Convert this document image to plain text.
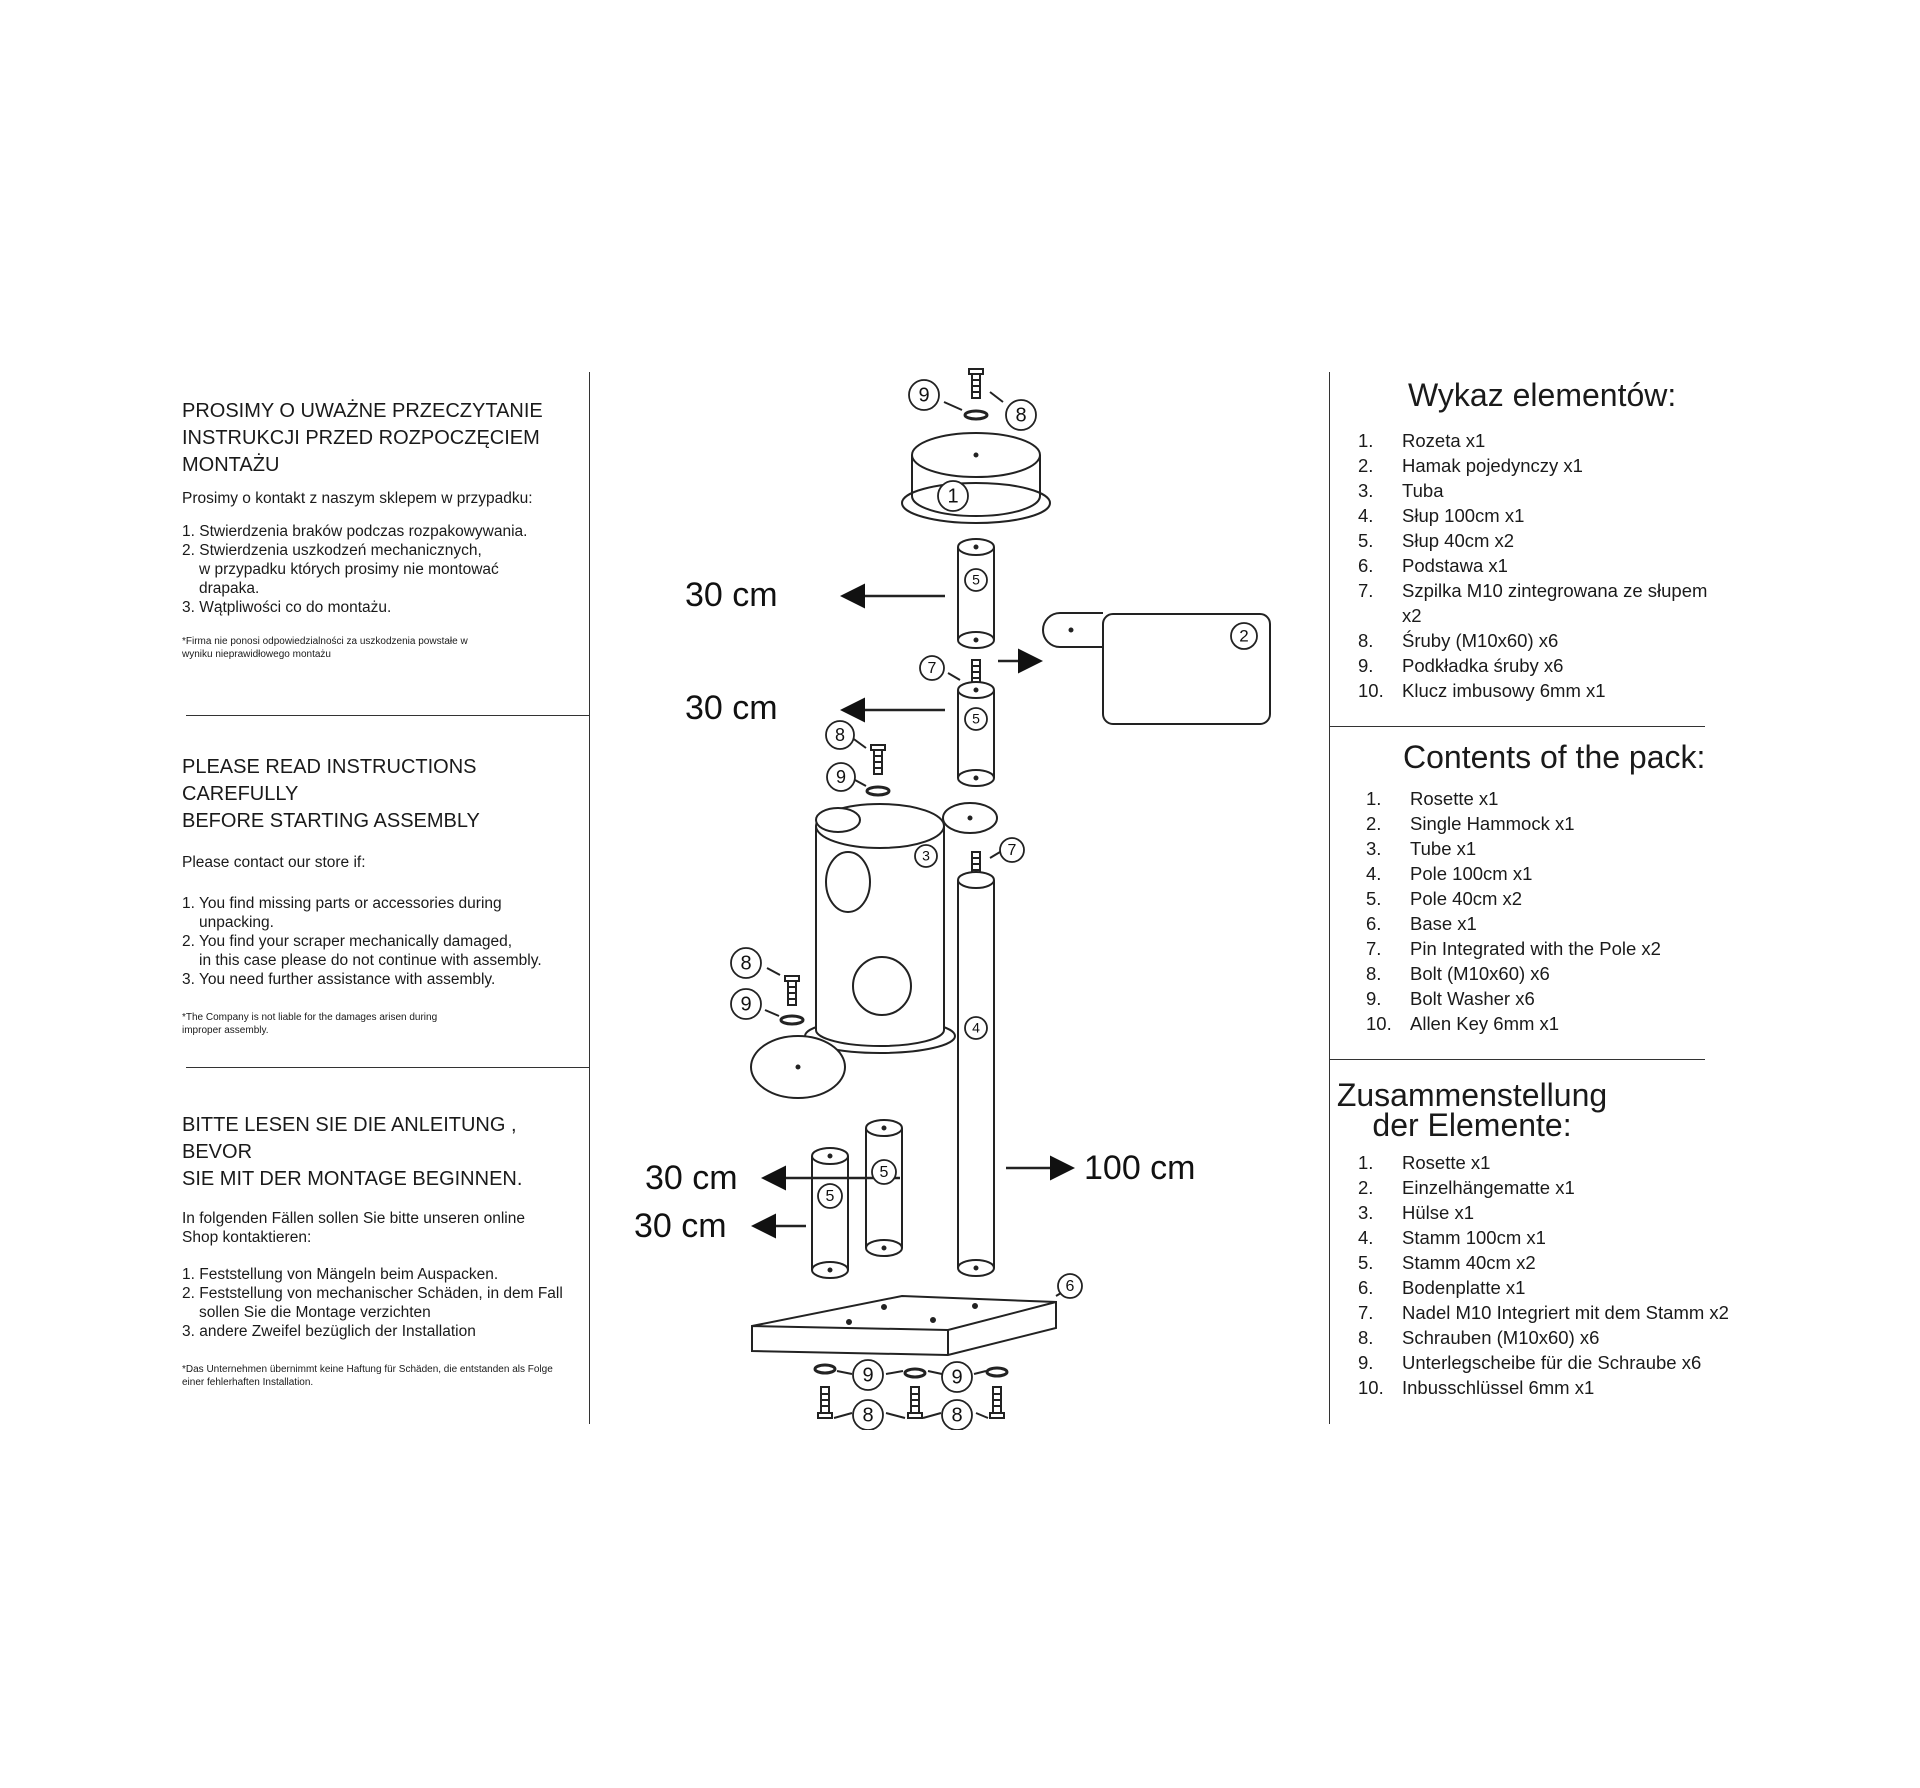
PROSIMY O UWAŻNE PRZECZYTANIE
INSTRUKCJI PRZED ROZPOCZĘCIEM
MONTAŻU
Prosimy o kontakt z naszym sklepem w przypadku:
1. Stwierdzenia braków podczas rozpakowywania.
2. Stwierdzenia uszkodzeń mechanicznych,
w przypadku których prosimy nie montować
drapaka.
3. Wątpliwości co do montażu.
*Firma nie ponosi odpowiedzialności za uszkodzenia powstałe w wyniku nieprawidłowego montażu
PLEASE READ INSTRUCTIONS CAREFULLY
BEFORE STARTING ASSEMBLY
Please contact our store if:
1. You find missing parts or accessories during
unpacking.
2. You find your scraper mechanically damaged,
in this case please do not continue with assembly.
3. You need further assistance with assembly.
*The Company is not liable for the damages arisen during improper assembly.
BITTE LESEN SIE DIE ANLEITUNG , BEVOR
SIE MIT DER MONTAGE BEGINNEN.
In folgenden Fällen sollen Sie bitte unseren online Shop kontaktieren:
1. Feststellung von Mängeln beim Auspacken.
2. Feststellung von mechanischer Schäden, in dem Fall
sollen Sie die Montage verzichten
3. andere Zweifel bezüglich der Installation
*Das Unternehmen übernimmt keine Haftung für Schäden, die entstanden als Folge einer fehlerhaften Installation.
Wykaz elementów:
1.	Rozeta x1
2.	Hamak pojedynczy x1
3.	Tuba
4.	Słup 100cm x1
5.	Słup 40cm x2
6.	Podstawa x1
7.	Szpilka M10 zintegrowana ze słupem x2
8.	Śruby (M10x60) x6
9.	Podkładka śruby x6
10. Klucz imbusowy 6mm x1
Contents of the pack:
1.	Rosette x1
2.	Single Hammock x1
3.	Tube x1
4.	Pole 100cm x1
5.	Pole 40cm x2
6.	Base x1
7.	Pin Integrated with the Pole x2
8.	Bolt (M10x60) x6
9.	Bolt Washer x6
10. Allen Key 6mm x1
Zusammenstellung
der Elemente:
1.	Rosette x1
2.	Einzelhängematte x1
3.	Hülse x1
4.	Stamm 100cm x1
5.	Stamm 40cm x2
6.	Bodenplatte x1
7.	Nadel M10 Integriert mit dem Stamm x2
8.	Schrauben (M10x60) x6
9.	Unterlegscheibe für die Schraube x6
10. Inbusschlüssel 6mm x1
9
8
1
5
2
7
5
8
9
3	7
8
9
4
5
5
6
9	9
8	8
30 cm
30 cm
30 cm
30 cm
100 cm
